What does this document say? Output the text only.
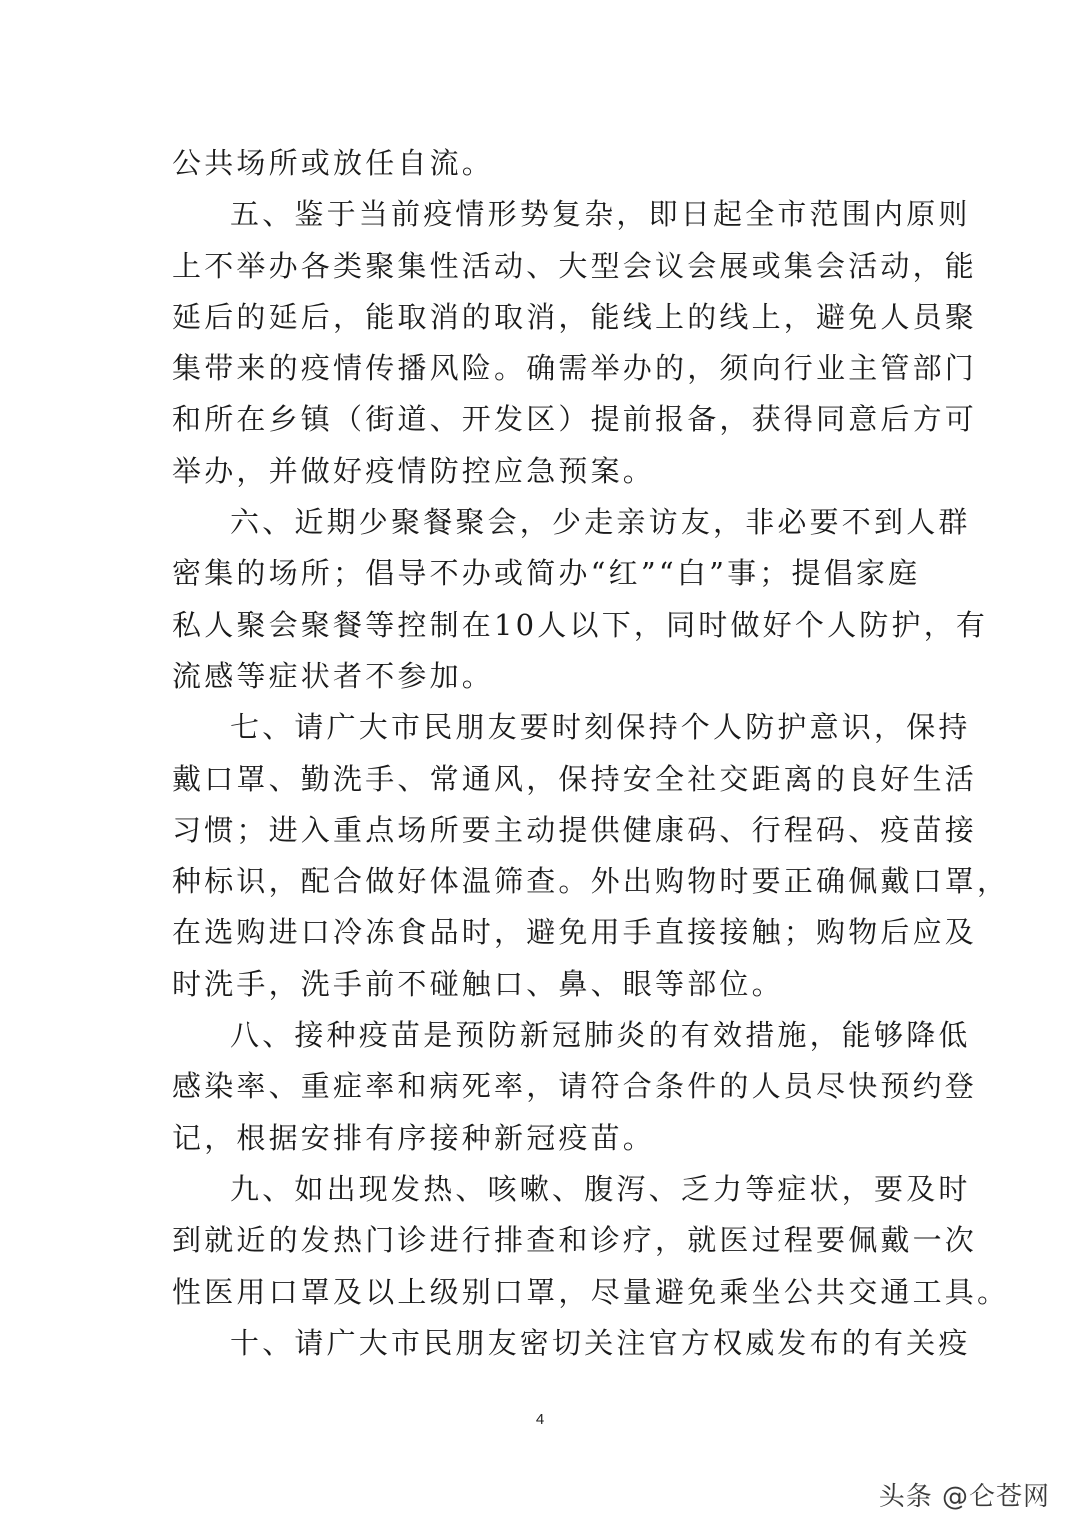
公共场所或放任自流。
五、鉴于当前疫情形势复杂，即日起全市范围内原则
上不举办各类聚集性活动、大型会议会展或集会活动，能
延后的延后，能取消的取消，能线上的线上，避免人员聚
集带来的疫情传播风险。确需举办的，须向行业主管部门
和所在乡镇（街道、开发区）提前报备，获得同意后方可
举办，并做好疫情防控应急预案。
六、近期少聚餐聚会，少走亲访友，非必要不到人群
密集的场所；倡导不办或简办“红”“白”事；提倡家庭
私人聚会聚餐等控制在10人以下，同时做好个人防护，有
流感等症状者不参加。
七、请广大市民朋友要时刻保持个人防护意识，保持
戴口罩、勤洗手、常通风，保持安全社交距离的良好生活
习惯；进入重点场所要主动提供健康码、行程码、疫苗接
种标识，配合做好体温筛查。外出购物时要正确佩戴口罩，
在选购进口冷冻食品时，避免用手直接接触；购物后应及
时洗手，洗手前不碰触口、鼻、眼等部位。
八、接种疫苗是预防新冠肺炎的有效措施，能够降低
感染率、重症率和病死率，请符合条件的人员尽快预约登
记，根据安排有序接种新冠疫苗。
九、如出现发热、咳嗽、腹泻、乏力等症状，要及时
到就近的发热门诊进行排查和诊疗，就医过程要佩戴一次
性医用口罩及以上级别口罩，尽量避免乘坐公共交通工具。
十、请广大市民朋友密切关注官方权威发布的有关疫
4
头条 @仑苍网
